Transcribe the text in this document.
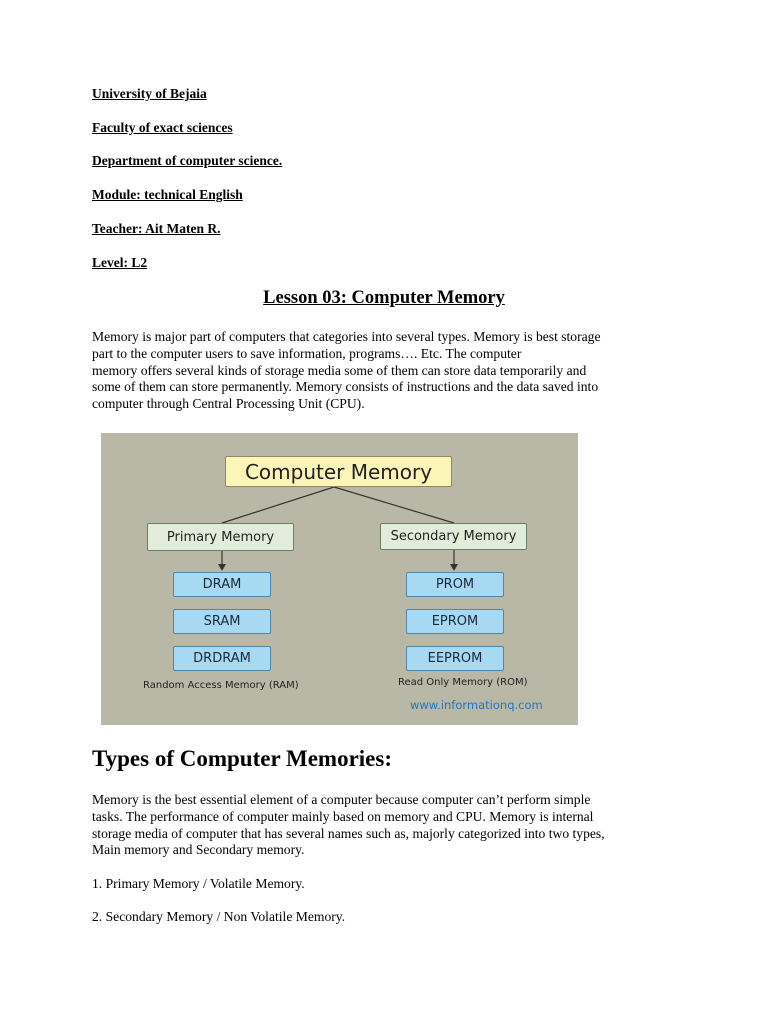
University of Bejaia

Faculty of exact sciences

Department of computer science.

Module: technical English

Teacher: Ait Maten R.

Level: L2

Lesson 03: Computer Memory
Memory is major part of computers that categories into several types. Memory is best storage
part to the computer users to save information, programs…. Etc. The computer
memory offers several kinds of storage media some of them can store data temporarily and
some of them can store permanently. Memory consists of instructions and the data saved into
computer through Central Processing Unit (CPU).
Computer Memory
Primary Memory	Secondary Memory
DRAM
SRAM
DRDRAM
PROM
EPROM
EEPROM
Random Access Memory (RAM)	Read Only Memory (ROM)
www.informationq.com
Types of Computer Memories:
Memory is the best essential element of a computer because computer can’t perform simple
tasks. The performance of computer mainly based on memory and CPU. Memory is internal
storage media of computer that has several names such as, majorly categorized into two types,
Main memory and Secondary memory.

1. Primary Memory / Volatile Memory.

2. Secondary Memory / Non Volatile Memory.
